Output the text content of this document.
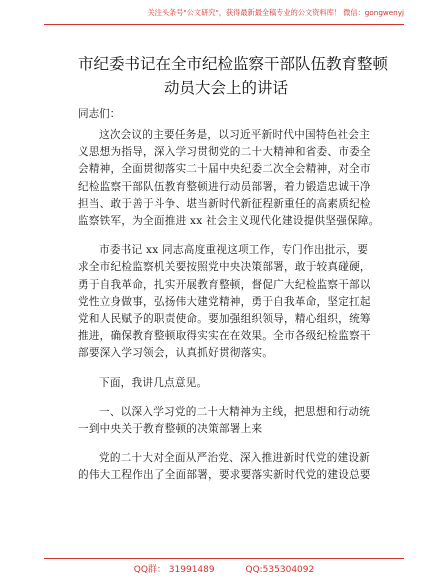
关注头条号"公文研究"，获得最新最全稿专业的公文资料库！ 微信：gongwenyj
市纪委书记在全市纪检监察干部队伍教育整顿
动员大会上的讲话
同志们：
这次会议的主要任务是，以习近平新时代中国特色社会主
义思想为指导，深入学习贯彻党的二十大精神和省委、市委全
会精神，全面贯彻落实二十届中央纪委二次全会精神，对全市
纪检监察干部队伍教育整顿进行动员部署，着力锻造忠诚干净
担当、敢于善于斗争、堪当新时代新征程新重任的高素质纪检
监察铁军，为全面推进 xx 社会主义现代化建设提供坚强保障。
市委书记 xx 同志高度重视这项工作，专门作出批示，要
求全市纪检监察机关要按照党中央决策部署，敢于较真碰硬，
勇于自我革命，扎实开展教育整顿，督促广大纪检监察干部以
党性立身做事，弘扬伟大建党精神，勇于自我革命，坚定扛起
党和人民赋予的职责使命。要加强组织领导，精心组织，统筹
推进，确保教育整顿取得实实在在效果。全市各级纪检监察干
部要深入学习领会，认真抓好贯彻落实。
下面，我讲几点意见。
一、以深入学习党的二十大精神为主线，把思想和行动统
一到中央关于教育整顿的决策部署上来
党的二十大对全面从严治党、深入推进新时代党的建设新
的伟大工程作出了全面部署，要求要落实新时代党的建设总要
QQ群： 31991489	QQ:535304092
